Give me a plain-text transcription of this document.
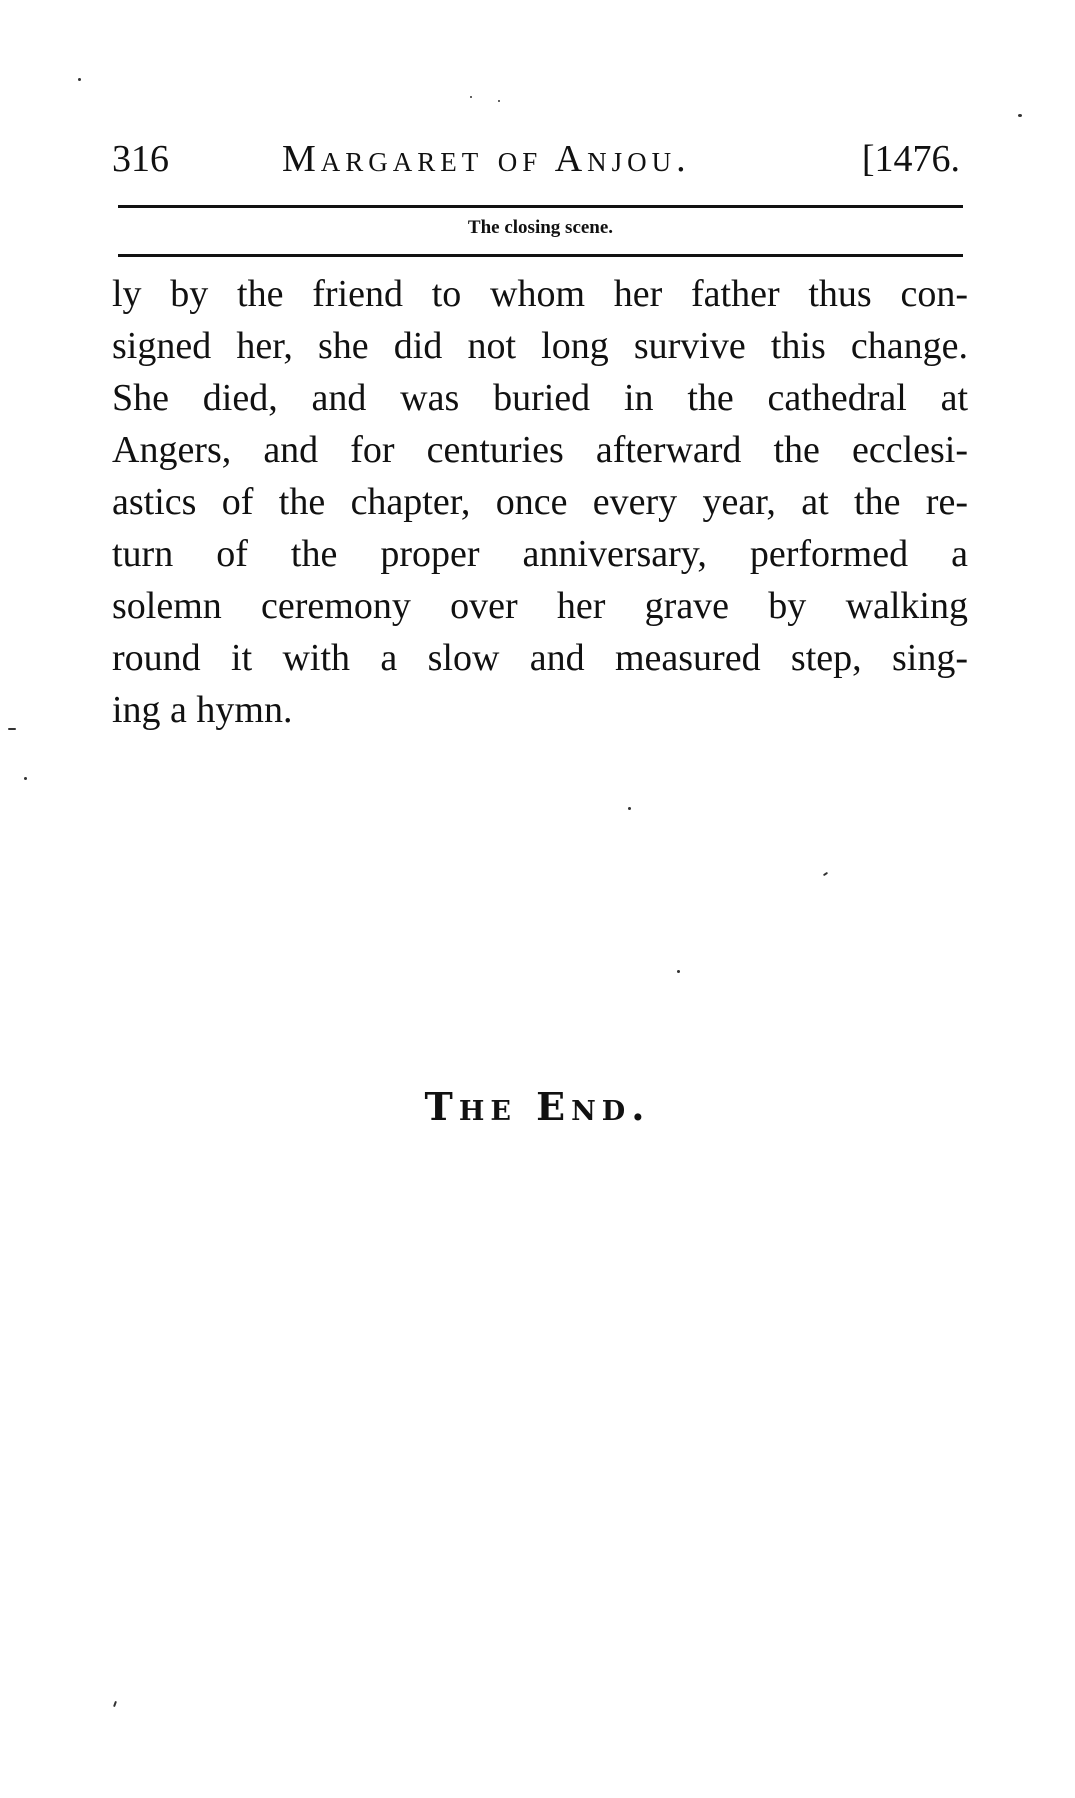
316	Margaret of Anjou.	[1476.
The closing scene.
ly by the friend to whom her father thus con-
signed her, she did not long survive this change.
She died, and was buried in the cathedral at
Angers, and for centuries afterward the ecclesi-
astics of the chapter, once every year, at the re-
turn of the proper anniversary, performed a
solemn ceremony over her grave by walking
round it with a slow and measured step, sing-
ing a hymn.
The End.
